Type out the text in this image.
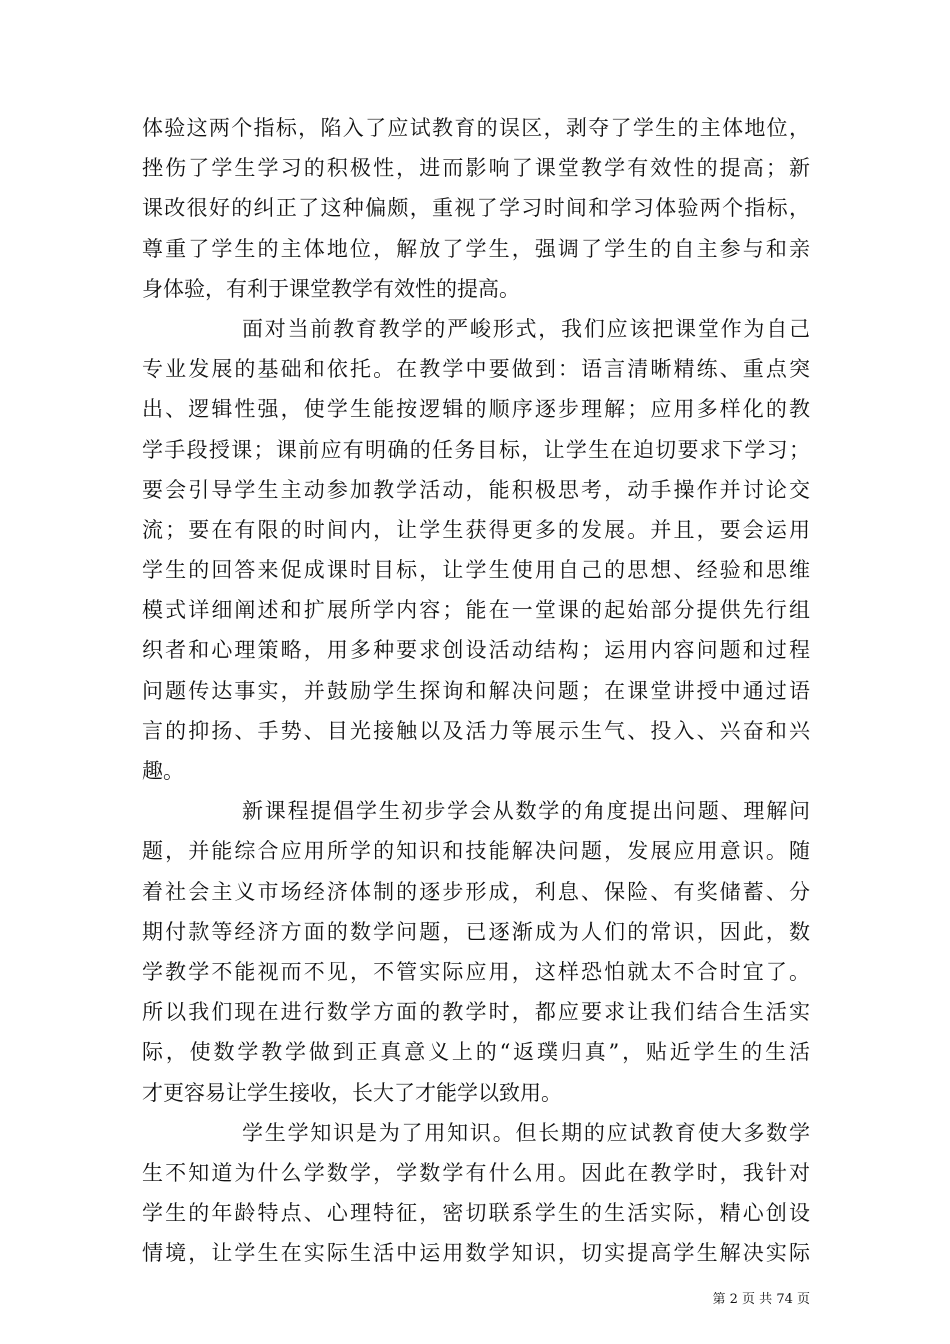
体验这两个指标，陷入了应试教育的误区，剥夺了学生的主体地位，
挫伤了学生学习的积极性，进而影响了课堂教学有效性的提高；新
课改很好的纠正了这种偏颇，重视了学习时间和学习体验两个指标，
尊重了学生的主体地位，解放了学生，强调了学生的自主参与和亲
身体验，有利于课堂教学有效性的提高。
面对当前教育教学的严峻形式，我们应该把课堂作为自己
专业发展的基础和依托。在教学中要做到：语言清晰精练、重点突
出、逻辑性强，使学生能按逻辑的顺序逐步理解；应用多样化的教
学手段授课；课前应有明确的任务目标，让学生在迫切要求下学习；
要会引导学生主动参加教学活动，能积极思考，动手操作并讨论交
流；要在有限的时间内，让学生获得更多的发展。并且，要会运用
学生的回答来促成课时目标，让学生使用自己的思想、经验和思维
模式详细阐述和扩展所学内容；能在一堂课的起始部分提供先行组
织者和心理策略，用多种要求创设活动结构；运用内容问题和过程
问题传达事实，并鼓励学生探询和解决问题；在课堂讲授中通过语
言的抑扬、手势、目光接触以及活力等展示生气、投入、兴奋和兴
趣。
新课程提倡学生初步学会从数学的角度提出问题、理解问
题，并能综合应用所学的知识和技能解决问题，发展应用意识。随
着社会主义市场经济体制的逐步形成，利息、保险、有奖储蓄、分
期付款等经济方面的数学问题，已逐渐成为人们的常识，因此，数
学教学不能视而不见，不管实际应用，这样恐怕就太不合时宜了。
所以我们现在进行数学方面的教学时，都应要求让我们结合生活实
际，使数学教学做到正真意义上的“返璞归真”，贴近学生的生活
才更容易让学生接收，长大了才能学以致用。
学生学知识是为了用知识。但长期的应试教育使大多数学
生不知道为什么学数学，学数学有什么用。因此在教学时，我针对
学生的年龄特点、心理特征，密切联系学生的生活实际，精心创设
情境，让学生在实际生活中运用数学知识，切实提高学生解决实际
第 2 页 共 74 页
